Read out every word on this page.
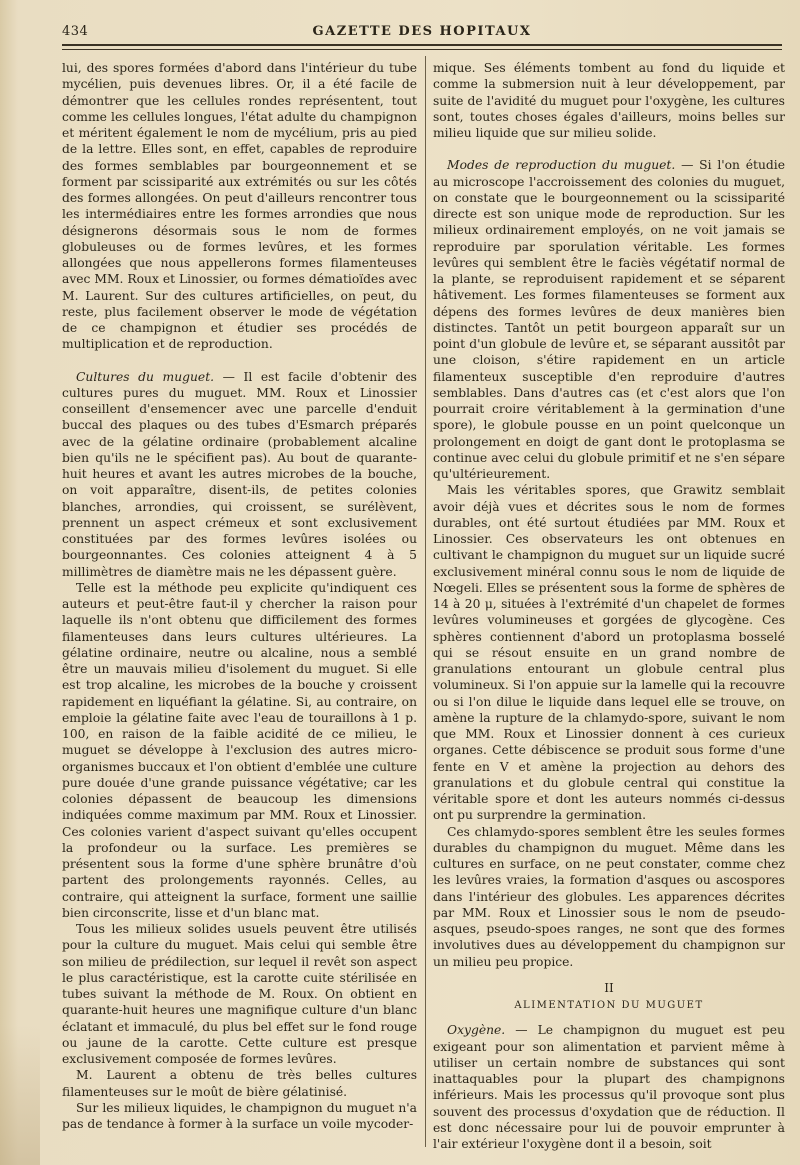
434	GAZETTE DES HOPITAUX

lui, des spores formées d'abord dans l'intérieur du tube mycélien, puis devenues libres. Or, il a été facile de démontrer que les cellules rondes représentent, tout comme les cellules longues, l'état adulte du champignon et méritent également le nom de mycélium, pris au pied de la lettre. Elles sont, en effet, capables de reproduire des formes semblables par bourgeonnement et se forment par scissiparité aux extrémités ou sur les côtés des formes allongées. On peut d'ailleurs rencontrer tous les intermédiaires entre les formes arrondies que nous désignerons désormais sous le nom de formes globuleuses ou de formes levûres, et les formes allongées que nous appellerons formes filamenteuses avec MM. Roux et Linossier, ou formes dématioïdes avec M. Laurent. Sur des cultures artificielles, on peut, du reste, plus facilement observer le mode de végétation de ce champignon et étudier ses procédés de multiplication et de reproduction.

Cultures du muguet. — Il est facile d'obtenir des cultures pures du muguet. MM. Roux et Linossier conseillent d'ensemencer avec une parcelle d'enduit buccal des plaques ou des tubes d'Esmarch préparés avec de la gélatine ordinaire (probablement alcaline bien qu'ils ne le spécifient pas). Au bout de quarante-huit heures et avant les autres microbes de la bouche, on voit apparaître, disent-ils, de petites colonies blanches, arrondies, qui croissent, se surélèvent, prennent un aspect crémeux et sont exclusivement constituées par des formes levûres isolées ou bourgeonnantes. Ces colonies atteignent 4 à 5 millimètres de diamètre mais ne les dépassent guère.

Telle est la méthode peu explicite qu'indiquent ces auteurs et peut-être faut-il y chercher la raison pour laquelle ils n'ont obtenu que difficilement des formes filamenteuses dans leurs cultures ultérieures. La gélatine ordinaire, neutre ou alcaline, nous a semblé être un mauvais milieu d'isolement du muguet. Si elle est trop alcaline, les microbes de la bouche y croissent rapidement en liquéfiant la gélatine. Si, au contraire, on emploie la gélatine faite avec l'eau de touraillons à 1 p. 100, en raison de la faible acidité de ce milieu, le muguet se développe à l'exclusion des autres micro-organismes buccaux et l'on obtient d'emblée une culture pure douée d'une grande puissance végétative; car les colonies dépassent de beaucoup les dimensions indiquées comme maximum par MM. Roux et Linossier. Ces colonies varient d'aspect suivant qu'elles occupent la profondeur ou la surface. Les premières se présentent sous la forme d'une sphère brunâtre d'où partent des prolongements rayonnés. Celles, au contraire, qui atteignent la surface, forment une saillie bien circonscrite, lisse et d'un blanc mat.

Tous les milieux solides usuels peuvent être utilisés pour la culture du muguet. Mais celui qui semble être son milieu de prédilection, sur lequel il revêt son aspect le plus caractéristique, est la carotte cuite stérilisée en tubes suivant la méthode de M. Roux. On obtient en quarante-huit heures une magnifique culture d'un blanc éclatant et immaculé, du plus bel effet sur le fond rouge ou jaune de la carotte. Cette culture est presque exclusivement composée de formes levûres.

M. Laurent a obtenu de très belles cultures filamenteuses sur le moût de bière gélatinisé.

Sur les milieux liquides, le champignon du muguet n'a pas de tendance à former à la surface un voile mycoder-

mique. Ses éléments tombent au fond du liquide et comme la submersion nuit à leur développement, par suite de l'avidité du muguet pour l'oxygène, les cultures sont, toutes choses égales d'ailleurs, moins belles sur milieu liquide que sur milieu solide.

Modes de reproduction du muguet. — Si l'on étudie au microscope l'accroissement des colonies du muguet, on constate que le bourgeonnement ou la scissiparité directe est son unique mode de reproduction. Sur les milieux ordinairement employés, on ne voit jamais se reproduire par sporulation véritable. Les formes levûres qui semblent être le faciès végétatif normal de la plante, se reproduisent rapidement et se séparent hâtivement. Les formes filamenteuses se forment aux dépens des formes levûres de deux manières bien distinctes. Tantôt un petit bourgeon apparaît sur un point d'un globule de levûre et, se séparant aussitôt par une cloison, s'étire rapidement en un article filamenteux susceptible d'en reproduire d'autres semblables. Dans d'autres cas (et c'est alors que l'on pourrait croire véritablement à la germination d'une spore), le globule pousse en un point quelconque un prolongement en doigt de gant dont le protoplasma se continue avec celui du globule primitif et ne s'en sépare qu'ultérieurement.

Mais les véritables spores, que Grawitz semblait avoir déjà vues et décrites sous le nom de formes durables, ont été surtout étudiées par MM. Roux et Linossier. Ces observateurs les ont obtenues en cultivant le champignon du muguet sur un liquide sucré exclusivement minéral connu sous le nom de liquide de Nœgeli. Elles se présentent sous la forme de sphères de 14 à 20 μ, situées à l'extrémité d'un chapelet de formes levûres volumineuses et gorgées de glycogène. Ces sphères contiennent d'abord un protoplasma bosselé qui se résout ensuite en un grand nombre de granulations entourant un globule central plus volumineux. Si l'on appuie sur la lamelle qui la recouvre ou si l'on dilue le liquide dans lequel elle se trouve, on amène la rupture de la chlamydo-spore, suivant le nom que MM. Roux et Linossier donnent à ces curieux organes. Cette débiscence se produit sous forme d'une fente en V et amène la projection au dehors des granulations et du globule central qui constitue la véritable spore et dont les auteurs nommés ci-dessus ont pu surprendre la germination.

Ces chlamydo-spores semblent être les seules formes durables du champignon du muguet. Même dans les cultures en surface, on ne peut constater, comme chez les levûres vraies, la formation d'asques ou ascospores dans l'intérieur des globules. Les apparences décrites par MM. Roux et Linossier sous le nom de pseudo-asques, pseudo-spoes ranges, ne sont que des formes involutives dues au développement du champignon sur un milieu peu propice.

II
ALIMENTATION DU MUGUET

Oxygène. — Le champignon du muguet est peu exigeant pour son alimentation et parvient même à utiliser un certain nombre de substances qui sont inattaquables pour la plupart des champignons inférieurs. Mais les processus qu'il provoque sont plus souvent des processus d'oxydation que de réduction. Il est donc nécessaire pour lui de pouvoir emprunter à l'air extérieur l'oxygène dont il a besoin, soit
